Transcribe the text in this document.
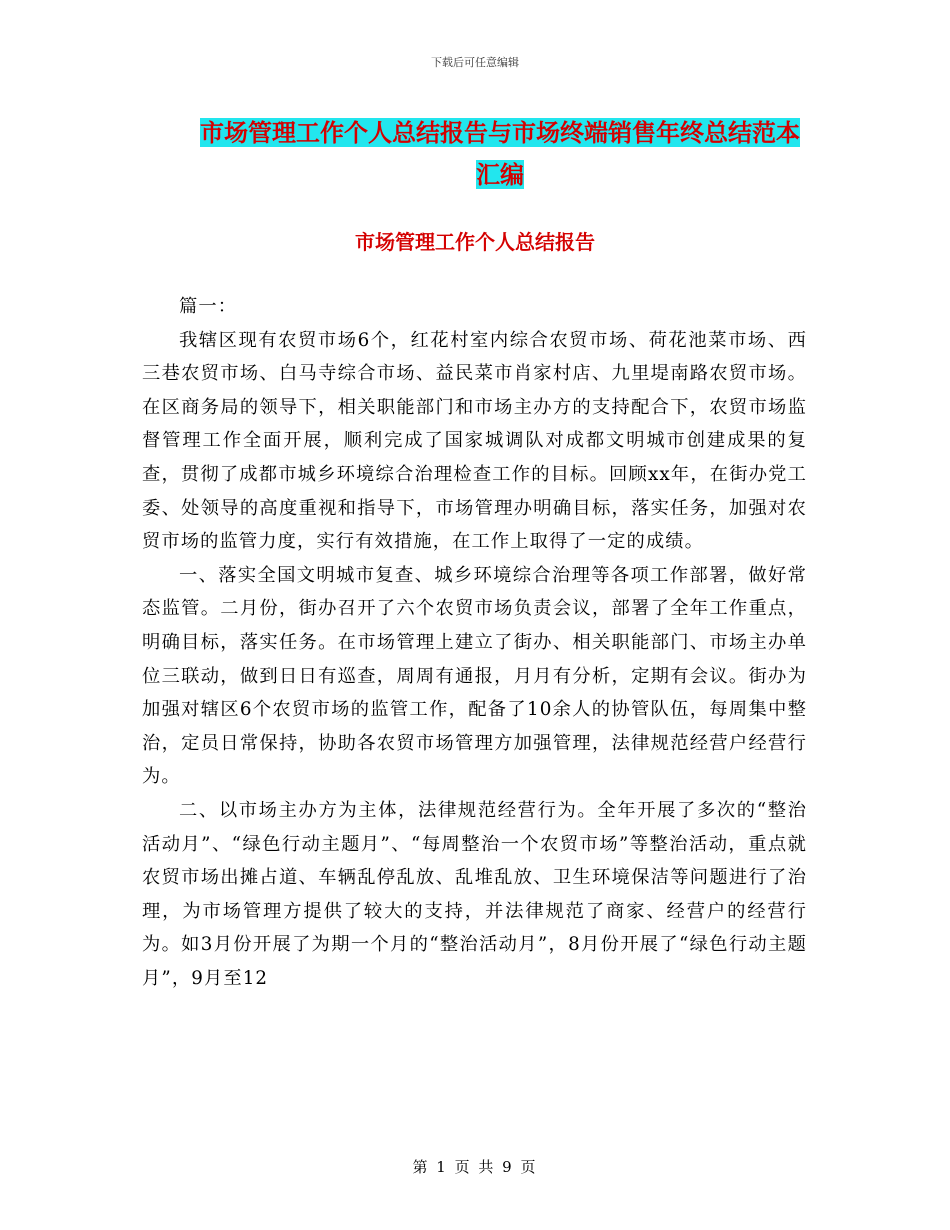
下载后可任意编辑
市场管理工作个人总结报告与市场终端销售年终总结范本汇编
市场管理工作个人总结报告

篇一：

我辖区现有农贸市场6个，红花村室内综合农贸市场、荷花池菜市场、西三巷农贸市场、白马寺综合市场、益民菜市肖家村店、九里堤南路农贸市场。在区商务局的领导下，相关职能部门和市场主办方的支持配合下，农贸市场监督管理工作全面开展，顺利完成了国家城调队对成都文明城市创建成果的复查，贯彻了成都市城乡环境综合治理检查工作的目标。回顾xx年，在街办党工委、处领导的高度重视和指导下，市场管理办明确目标，落实任务，加强对农贸市场的监管力度，实行有效措施，在工作上取得了一定的成绩。

一、落实全国文明城市复查、城乡环境综合治理等各项工作部署，做好常态监管。二月份，街办召开了六个农贸市场负责会议，部署了全年工作重点，明确目标，落实任务。在市场管理上建立了街办、相关职能部门、市场主办单位三联动，做到日日有巡查，周周有通报，月月有分析，定期有会议。街办为加强对辖区6个农贸市场的监管工作，配备了10余人的协管队伍，每周集中整治，定员日常保持，协助各农贸市场管理方加强管理，法律规范经营户经营行为。

二、以市场主办方为主体，法律规范经营行为。全年开展了多次的“整治活动月”、“绿色行动主题月”、“每周整治一个农贸市场”等整治活动，重点就农贸市场出摊占道、车辆乱停乱放、乱堆乱放、卫生环境保洁等问题进行了治理，为市场管理方提供了较大的支持，并法律规范了商家、经营户的经营行为。如3月份开展了为期一个月的“整治活动月”，8月份开展了“绿色行动主题月”，9月至12

第 1 页 共 9 页
